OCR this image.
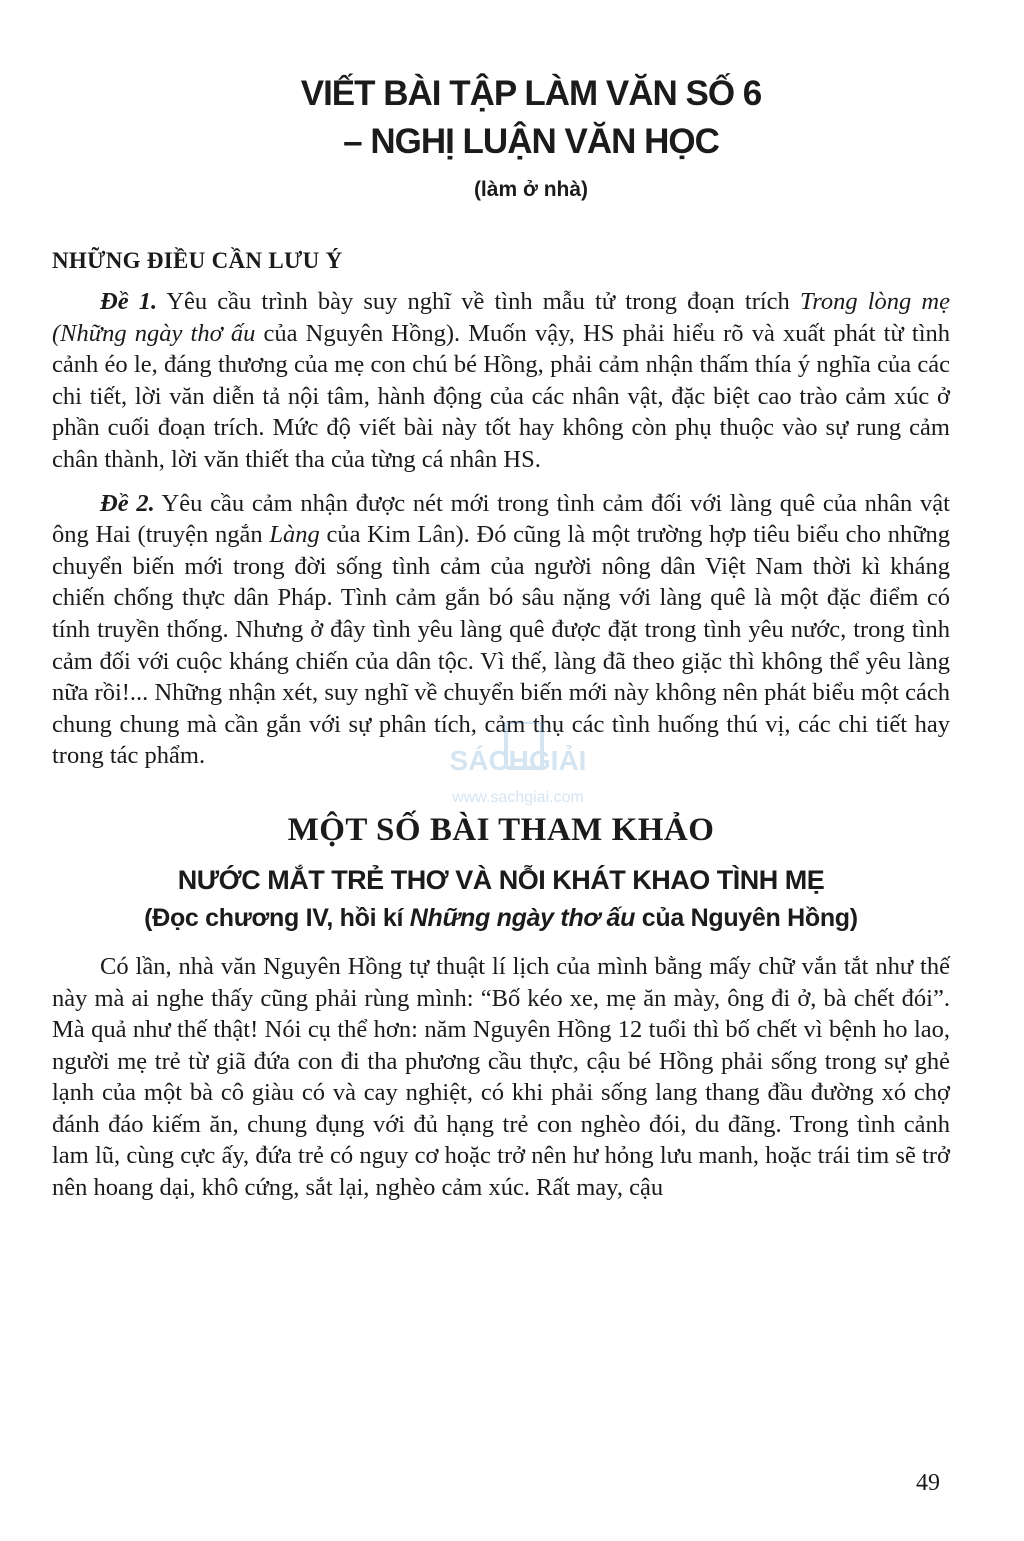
VIẾT BÀI TẬP LÀM VĂN SỐ 6
– NGHỊ LUẬN VĂN HỌC
(làm ở nhà)
NHỮNG ĐIỀU CẦN LƯU Ý

Đề 1. Yêu cầu trình bày suy nghĩ về tình mẫu tử trong đoạn trích Trong lòng mẹ (Những ngày thơ ấu của Nguyên Hồng). Muốn vậy, HS phải hiểu rõ và xuất phát từ tình cảnh éo le, đáng thương của mẹ con chú bé Hồng, phải cảm nhận thấm thía ý nghĩa của các chi tiết, lời văn diễn tả nội tâm, hành động của các nhân vật, đặc biệt cao trào cảm xúc ở phần cuối đoạn trích. Mức độ viết bài này tốt hay không còn phụ thuộc vào sự rung cảm chân thành, lời văn thiết tha của từng cá nhân HS.

Đề 2. Yêu cầu cảm nhận được nét mới trong tình cảm đối với làng quê của nhân vật ông Hai (truyện ngắn Làng của Kim Lân). Đó cũng là một trường hợp tiêu biểu cho những chuyển biến mới trong đời sống tình cảm của người nông dân Việt Nam thời kì kháng chiến chống thực dân Pháp. Tình cảm gắn bó sâu nặng với làng quê là một đặc điểm có tính truyền thống. Nhưng ở đây tình yêu làng quê được đặt trong tình yêu nước, trong tình cảm đối với cuộc kháng chiến của dân tộc. Vì thế, làng đã theo giặc thì không thể yêu làng nữa rồi!... Những nhận xét, suy nghĩ về chuyển biến mới này không nên phát biểu một cách chung chung mà cần gắn với sự phân tích, cảm thụ các tình huống thú vị, các chi tiết hay trong tác phẩm.

MỘT SỐ BÀI THAM KHẢO
NƯỚC MẮT TRẺ THƠ VÀ NỖI KHÁT KHAO TÌNH MẸ
(Đọc chương IV, hồi kí Những ngày thơ ấu của Nguyên Hồng)

Có lần, nhà văn Nguyên Hồng tự thuật lí lịch của mình bằng mấy chữ vắn tắt như thế này mà ai nghe thấy cũng phải rùng mình: “Bố kéo xe, mẹ ăn mày, ông đi ở, bà chết đói”. Mà quả như thế thật! Nói cụ thể hơn: năm Nguyên Hồng 12 tuổi thì bố chết vì bệnh ho lao, người mẹ trẻ từ giã đứa con đi tha phương cầu thực, cậu bé Hồng phải sống trong sự ghẻ lạnh của một bà cô giàu có và cay nghiệt, có khi phải sống lang thang đầu đường xó chợ đánh đáo kiếm ăn, chung đụng với đủ hạng trẻ con nghèo đói, du đãng. Trong tình cảnh lam lũ, cùng cực ấy, đứa trẻ có nguy cơ hoặc trở nên hư hỏng lưu manh, hoặc trái tim sẽ trở nên hoang dại, khô cứng, sắt lại, nghèo cảm xúc. Rất may, cậu

SÁCHGIẢI
www.sachgiai.com
49
